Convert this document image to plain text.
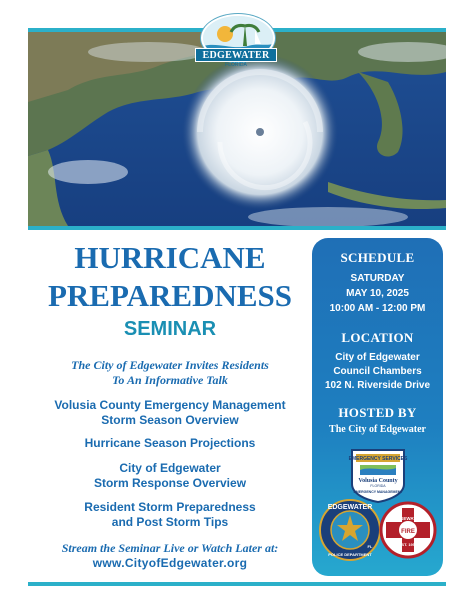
EDGEWATER
FLORIDA
HURRICANE
PREPAREDNESS
SEMINAR
The City of Edgewater Invites Residents
To An Informative Talk
Volusia County Emergency Management
Storm Season Overview
Hurricane Season Projections
City of Edgewater
Storm Response Overview
Resident Storm Preparedness
and Post Storm Tips
Stream the Seminar Live or Watch Later at:
www.CityofEdgewater.org
SCHEDULE
SATURDAY
MAY 10, 2025
10:00 AM - 12:00 PM
LOCATION
City of Edgewater
Council Chambers
102 N. Riverside Drive
HOSTED BY
The City of Edgewater
EMERGENCY SERVICES
Volusia County
FLORIDA
EMERGENCY MANAGEMENT
EDGEWATER
POLICE DEPARTMENT
FL
FIRE
EDGEWATER
EST. 1951
